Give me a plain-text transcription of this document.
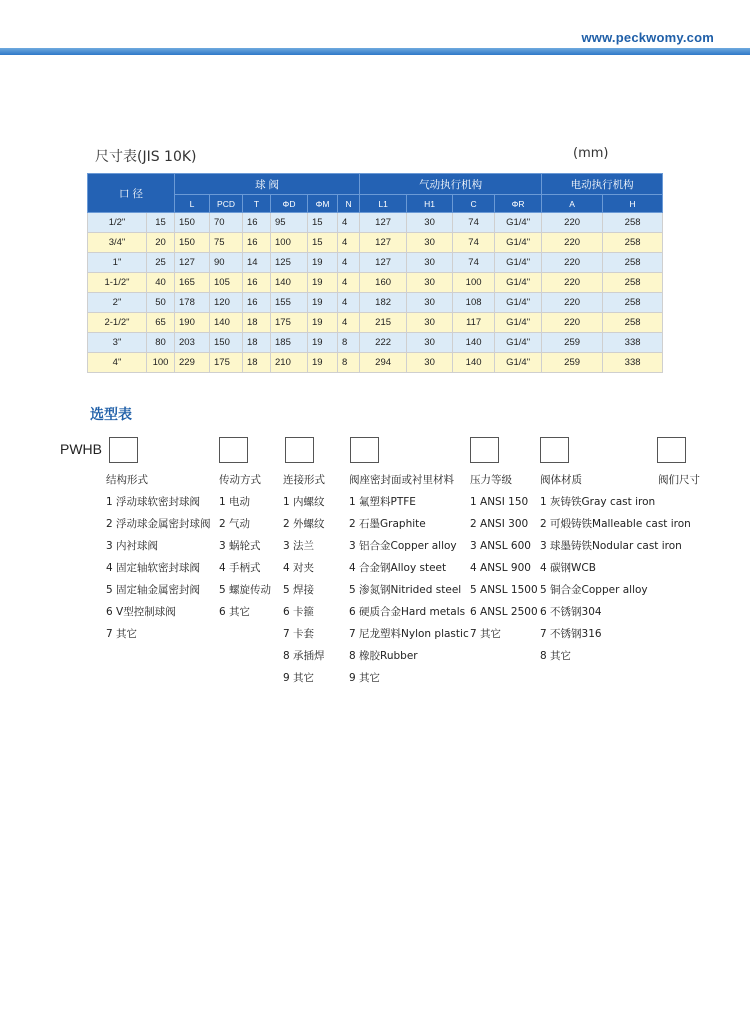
www.peckwomy.com
尺寸表(JIS 10K)	(mm)
口 径		球 阀						气动执行机构				电动执行机构	
		L	PCD	T	ΦD	ΦM	N	L1	H1	C	ΦR	A	H
1/2"	15	150	70	16	95	15	4	127	30	74	G1/4"	220	258
3/4"	20	150	75	16	100	15	4	127	30	74	G1/4"	220	258
1"	25	127	90	14	125	19	4	127	30	74	G1/4"	220	258
1-1/2"	40	165	105	16	140	19	4	160	30	100	G1/4"	220	258
2"	50	178	120	16	155	19	4	182	30	108	G1/4"	220	258
2-1/2"	65	190	140	18	175	19	4	215	30	117	G1/4"	220	258
3"	80	203	150	18	185	19	8	222	30	140	G1/4"	259	338
4"	100	229	175	18	210	19	8	294	30	140	G1/4"	259	338
选型表
PWHB
结构形式
1 浮动球软密封球阀
2 浮动球金属密封球阀
3 内衬球阀
4 固定轴软密封球阀
5 固定轴金属密封阀
6 V型控制球阀
7 其它
传动方式
1 电动
2 气动
3 蜗轮式
4 手柄式
5 螺旋传动
6 其它
连接形式
1 内螺纹
2 外螺纹
3 法兰
4 对夹
5 焊接
6 卡箍
7 卡套
8 承插焊
9 其它
阀座密封面或衬里材料
1 氟塑料PTFE
2 石墨Graphite
3 铝合金Copper alloy
4 合金钢Alloy steet
5 渗氮钢Nitrided steel
6 硬质合金Hard metals
7 尼龙塑料Nylon plastic
8 橡胶Rubber
9 其它
压力等级
1 ANSI 150
2 ANSI 300
3 ANSL 600
4 ANSL 900
5 ANSL 1500
6 ANSL 2500
7 其它
阀体材质
1 灰铸铁Gray cast iron
2 可煅铸铁Malleable cast iron
3 球墨铸铁Nodular cast iron
4 碳钢WCB
5 铜合金Copper alloy
6 不锈钢304
7 不锈钢316
8 其它
阀们尺寸
